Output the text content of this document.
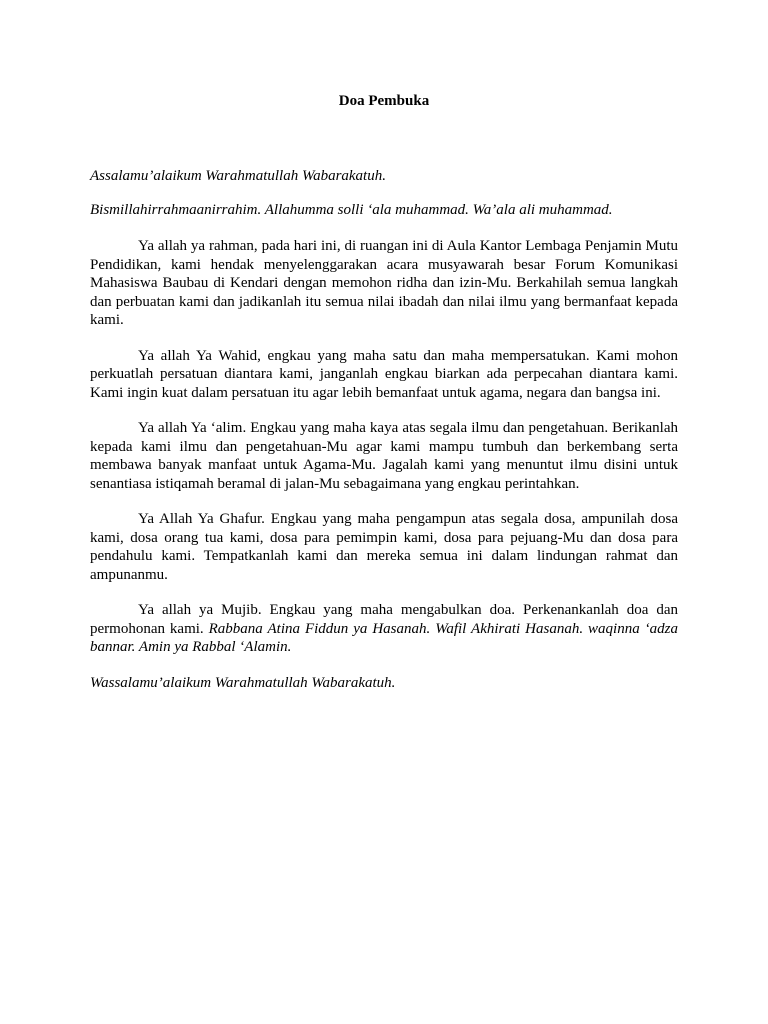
Doa Pembuka

Assalamu’alaikum Warahmatullah Wabarakatuh.

Bismillahirrahmaanirrahim. Allahumma solli ‘ala muhammad. Wa’ala ali muhammad.

Ya allah ya rahman, pada hari ini, di ruangan ini di Aula Kantor Lembaga Penjamin Mutu Pendidikan, kami hendak menyelenggarakan acara musyawarah besar Forum Komunikasi Mahasiswa Baubau di Kendari dengan memohon ridha dan izin-Mu. Berkahilah semua langkah dan perbuatan kami dan jadikanlah itu semua nilai ibadah dan nilai ilmu yang bermanfaat kepada kami.

Ya allah Ya Wahid, engkau yang maha satu dan maha mempersatukan. Kami mohon perkuatlah persatuan diantara kami, janganlah engkau biarkan ada perpecahan diantara kami. Kami ingin kuat dalam persatuan itu agar lebih bemanfaat untuk agama, negara dan bangsa ini.

Ya allah Ya ‘alim. Engkau yang maha kaya atas segala ilmu dan pengetahuan. Berikanlah kepada kami ilmu dan pengetahuan-Mu agar kami mampu tumbuh dan berkembang serta membawa banyak manfaat untuk Agama-Mu. Jagalah kami yang menuntut ilmu disini untuk senantiasa istiqamah beramal di jalan-Mu sebagaimana yang engkau perintahkan.

Ya Allah Ya Ghafur. Engkau yang maha pengampun atas segala dosa, ampunilah dosa kami, dosa orang tua kami, dosa para pemimpin kami, dosa para pejuang-Mu dan dosa para pendahulu kami. Tempatkanlah kami dan mereka semua ini dalam lindungan rahmat dan ampunanmu.

Ya allah ya Mujib. Engkau yang maha mengabulkan doa. Perkenankanlah doa dan permohonan kami. Rabbana Atina Fiddun ya Hasanah. Wafil Akhirati Hasanah. waqinna ‘adza bannar. Amin ya Rabbal ‘Alamin.

Wassalamu’alaikum Warahmatullah Wabarakatuh.
